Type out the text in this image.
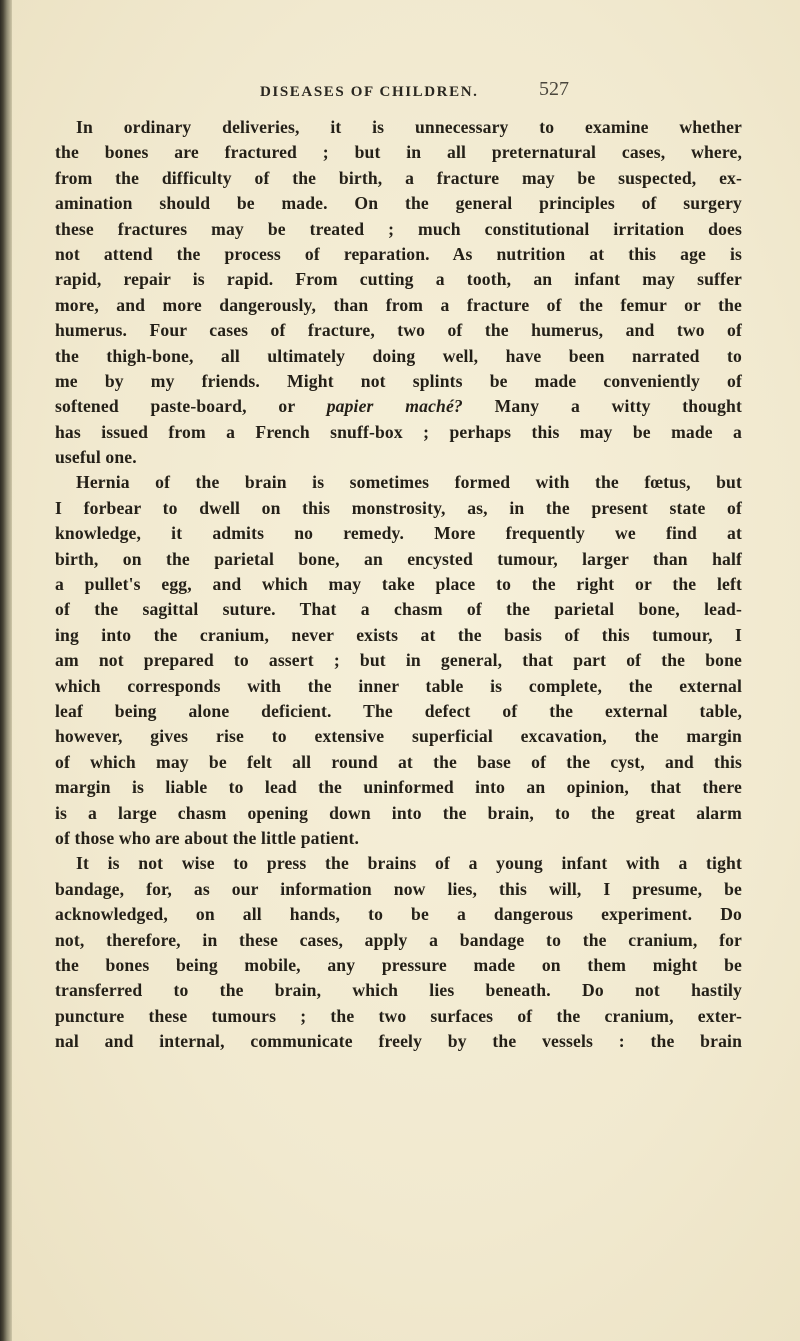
DISEASES OF CHILDREN.	527
In ordinary deliveries, it is unnecessary to examine whether
the bones are fractured ; but in all preternatural cases, where,
from the difficulty of the birth, a fracture may be suspected, ex-
amination should be made. On the general principles of surgery
these fractures may be treated ; much constitutional irritation does
not attend the process of reparation. As nutrition at this age is
rapid, repair is rapid. From cutting a tooth, an infant may suffer
more, and more dangerously, than from a fracture of the femur or the
humerus. Four cases of fracture, two of the humerus, and two of
the thigh-bone, all ultimately doing well, have been narrated to
me by my friends. Might not splints be made conveniently of
softened paste-board, or papier maché? Many a witty thought
has issued from a French snuff-box ; perhaps this may be made a
useful one.
Hernia of the brain is sometimes formed with the fœtus, but
I forbear to dwell on this monstrosity, as, in the present state of
knowledge, it admits no remedy. More frequently we find at
birth, on the parietal bone, an encysted tumour, larger than half
a pullet's egg, and which may take place to the right or the left
of the sagittal suture. That a chasm of the parietal bone, lead-
ing into the cranium, never exists at the basis of this tumour, I
am not prepared to assert ; but in general, that part of the bone
which corresponds with the inner table is complete, the external
leaf being alone deficient. The defect of the external table,
however, gives rise to extensive superficial excavation, the margin
of which may be felt all round at the base of the cyst, and this
margin is liable to lead the uninformed into an opinion, that there
is a large chasm opening down into the brain, to the great alarm
of those who are about the little patient.
It is not wise to press the brains of a young infant with a tight
bandage, for, as our information now lies, this will, I presume, be
acknowledged, on all hands, to be a dangerous experiment. Do
not, therefore, in these cases, apply a bandage to the cranium, for
the bones being mobile, any pressure made on them might be
transferred to the brain, which lies beneath. Do not hastily
puncture these tumours ; the two surfaces of the cranium, exter-
nal and internal, communicate freely by the vessels : the brain
